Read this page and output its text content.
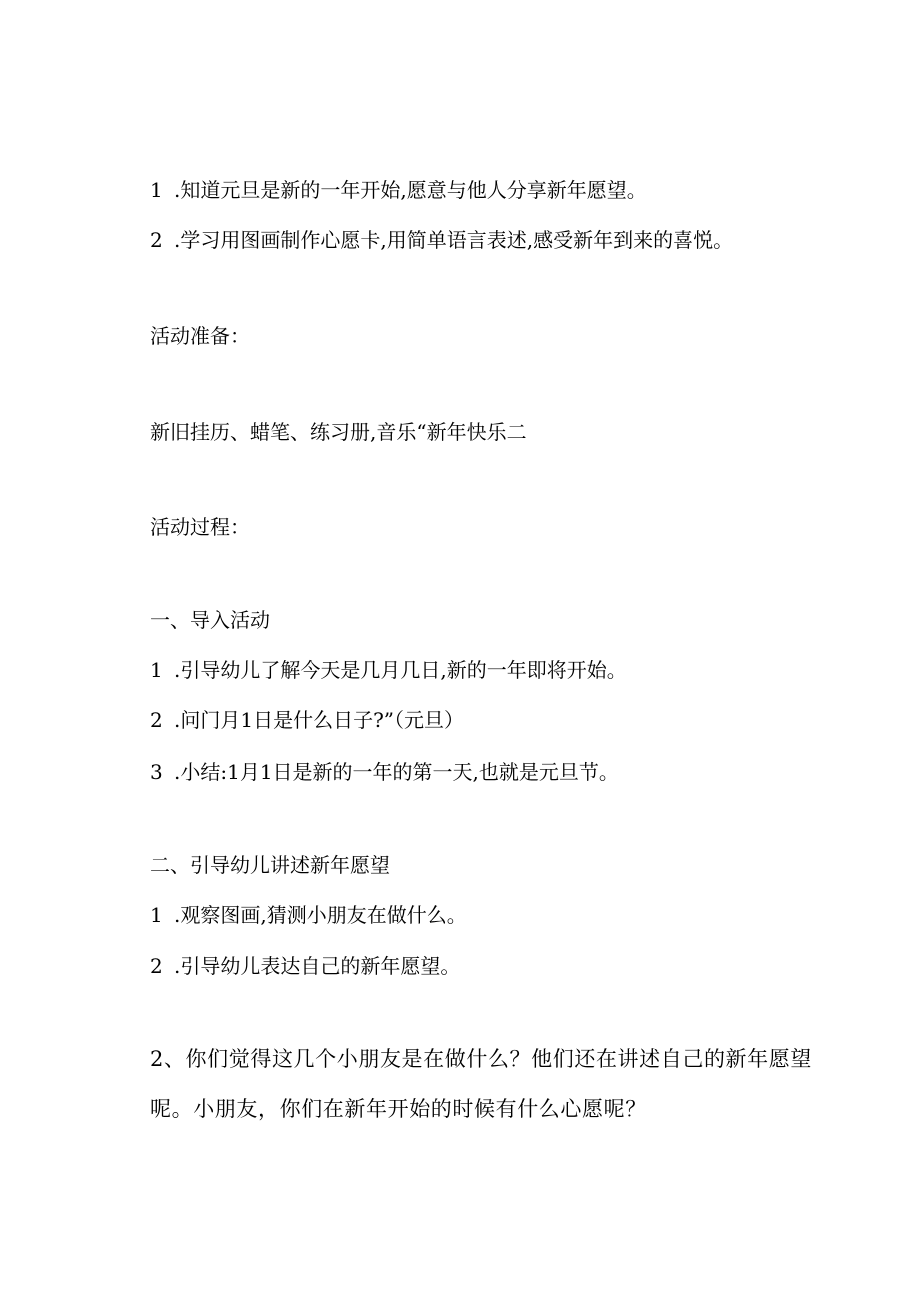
1 .知道元旦是新的一年开始,愿意与他人分享新年愿望。
2 .学习用图画制作心愿卡,用简单语言表述,感受新年到来的喜悦。
活动准备：
新旧挂历、蜡笔、练习册,音乐“新年快乐二
活动过程：
一、导入活动
1 .引导幼儿了解今天是几月几日,新的一年即将开始。
2 .问门月1日是什么日子?”（元旦）
3 .小结:1月1日是新的一年的第一天,也就是元旦节。
二、引导幼儿讲述新年愿望
1 .观察图画,猜测小朋友在做什么。
2 .引导幼儿表达自己的新年愿望。
2、你们觉得这几个小朋友是在做什么？他们还在讲述自己的新年愿望
呢。小朋友，你们在新年开始的时候有什么心愿呢？
